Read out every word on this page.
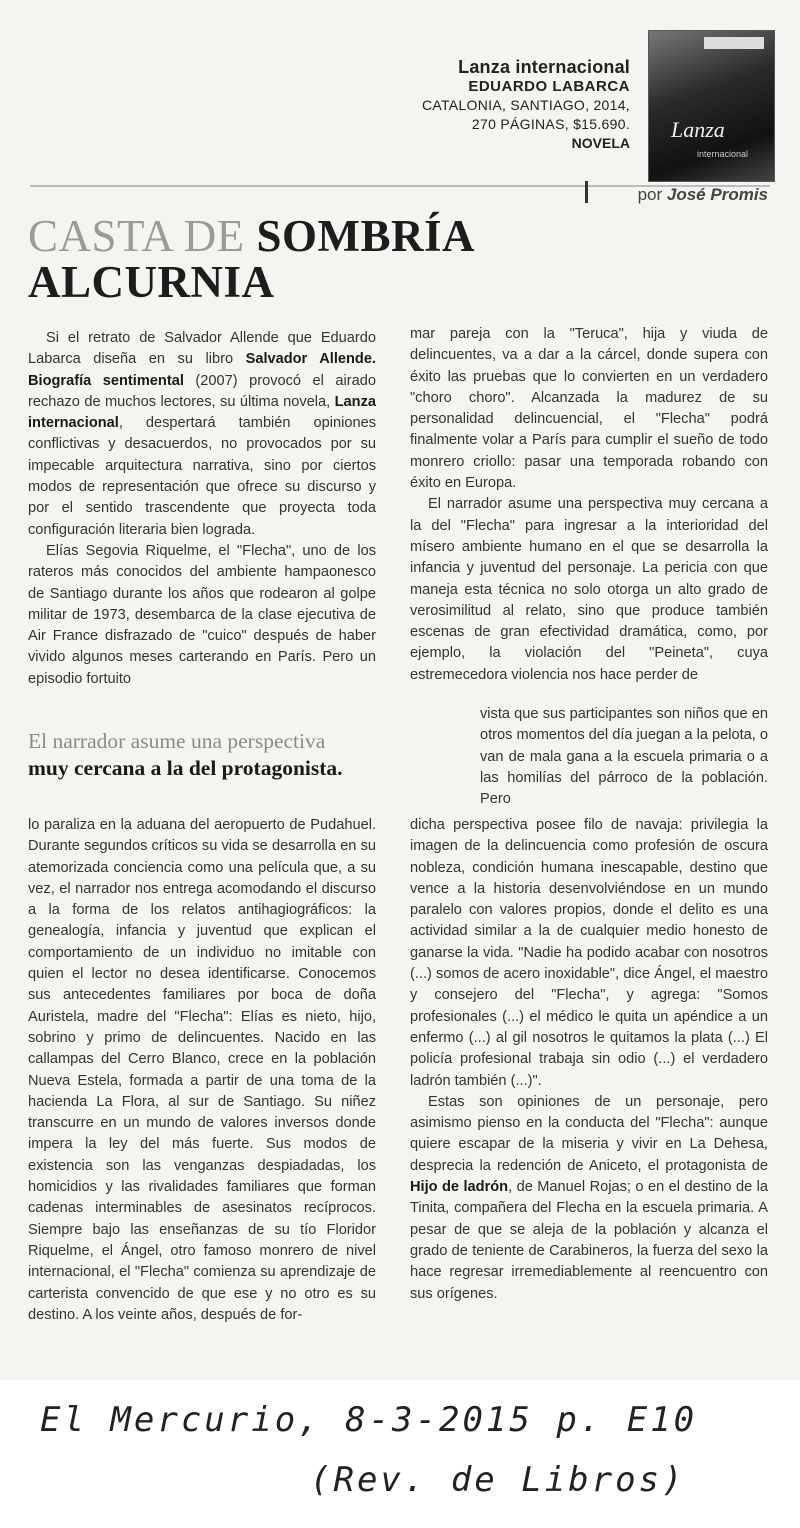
Lanza internacional
EDUARDO LABARCA
CATALONIA, SANTIAGO, 2014,
270 PÁGINAS, $15.690.
NOVELA
Lanza
internacional
por José Promis
CASTA DE SOMBRÍA
ALCURNIA

Si el retrato de Salvador Allende que Eduardo Labarca diseña en su libro Salvador Allende. Biografía sentimental (2007) provocó el airado rechazo de muchos lectores, su última novela, Lanza internacional, despertará también opiniones conflictivas y desacuerdos, no provocados por su impecable arquitectura narrativa, sino por ciertos modos de representación que ofrece su discurso y por el sentido trascendente que proyecta toda configuración literaria bien lograda.

Elías Segovia Riquelme, el "Flecha", uno de los rateros más conocidos del ambiente hampaonesco de Santiago durante los años que rodearon al golpe militar de 1973, desembarca de la clase ejecutiva de Air France disfrazado de "cuico" después de haber vivido algunos meses carterando en París. Pero un episodio fortuito

El narrador asume una perspectiva
muy cercana a la del protagonista.

lo paraliza en la aduana del aeropuerto de Pudahuel. Durante segundos críticos su vida se desarrolla en su atemorizada conciencia como una película que, a su vez, el narrador nos entrega acomodando el discurso a la forma de los relatos antihagiográficos: la genealogía, infancia y juventud que explican el comportamiento de un individuo no imitable con quien el lector no desea identificarse. Conocemos sus antecedentes familiares por boca de doña Auristela, madre del "Flecha": Elías es nieto, hijo, sobrino y primo de delincuentes. Nacido en las callampas del Cerro Blanco, crece en la población Nueva Estela, formada a partir de una toma de la hacienda La Flora, al sur de Santiago. Su niñez transcurre en un mundo de valores inversos donde impera la ley del más fuerte. Sus modos de existencia son las venganzas despiadadas, los homicidios y las rivalidades familiares que forman cadenas interminables de asesinatos recíprocos. Siempre bajo las enseñanzas de su tío Floridor Riquelme, el Ángel, otro famoso monrero de nivel internacional, el "Flecha" comienza su aprendizaje de carterista convencido de que ese y no otro es su destino. A los veinte años, después de for-

mar pareja con la "Teruca", hija y viuda de delincuentes, va a dar a la cárcel, donde supera con éxito las pruebas que lo convierten en un verdadero "choro choro". Alcanzada la madurez de su personalidad delincuencial, el "Flecha" podrá finalmente volar a París para cumplir el sueño de todo monrero criollo: pasar una temporada robando con éxito en Europa.

El narrador asume una perspectiva muy cercana a la del "Flecha" para ingresar a la interioridad del mísero ambiente humano en el que se desarrolla la infancia y juventud del personaje. La pericia con que maneja esta técnica no solo otorga un alto grado de verosimilitud al relato, sino que produce también escenas de gran efectividad dramática, como, por ejemplo, la violación del "Peineta", cuya estremecedora violencia nos hace perder de

vista que sus participantes son niños que en otros momentos del día juegan a la pelota, o van de mala gana a la escuela primaria o a las homilías del párroco de la población. Pero

dicha perspectiva posee filo de navaja: privilegia la imagen de la delincuencia como profesión de oscura nobleza, condición humana inescapable, destino que vence a la historia desenvolviéndose en un mundo paralelo con valores propios, donde el delito es una actividad similar a la de cualquier medio honesto de ganarse la vida. "Nadie ha podido acabar con nosotros (...) somos de acero inoxidable", dice Ángel, el maestro y consejero del "Flecha", y agrega: "Somos profesionales (...) el médico le quita un apéndice a un enfermo (...) al gil nosotros le quitamos la plata (...) El policía profesional trabaja sin odio (...) el verdadero ladrón también (...)".

Estas son opiniones de un personaje, pero asimismo pienso en la conducta del "Flecha": aunque quiere escapar de la miseria y vivir en La Dehesa, desprecia la redención de Aniceto, el protagonista de Hijo de ladrón, de Manuel Rojas; o en el destino de la Tinita, compañera del Flecha en la escuela primaria. A pesar de que se aleja de la población y alcanza el grado de teniente de Carabineros, la fuerza del sexo la hace regresar irremediablemente al reencuentro con sus orígenes.

El Mercurio, 8-3-2015 p. E10
(Rev. de Libros)
